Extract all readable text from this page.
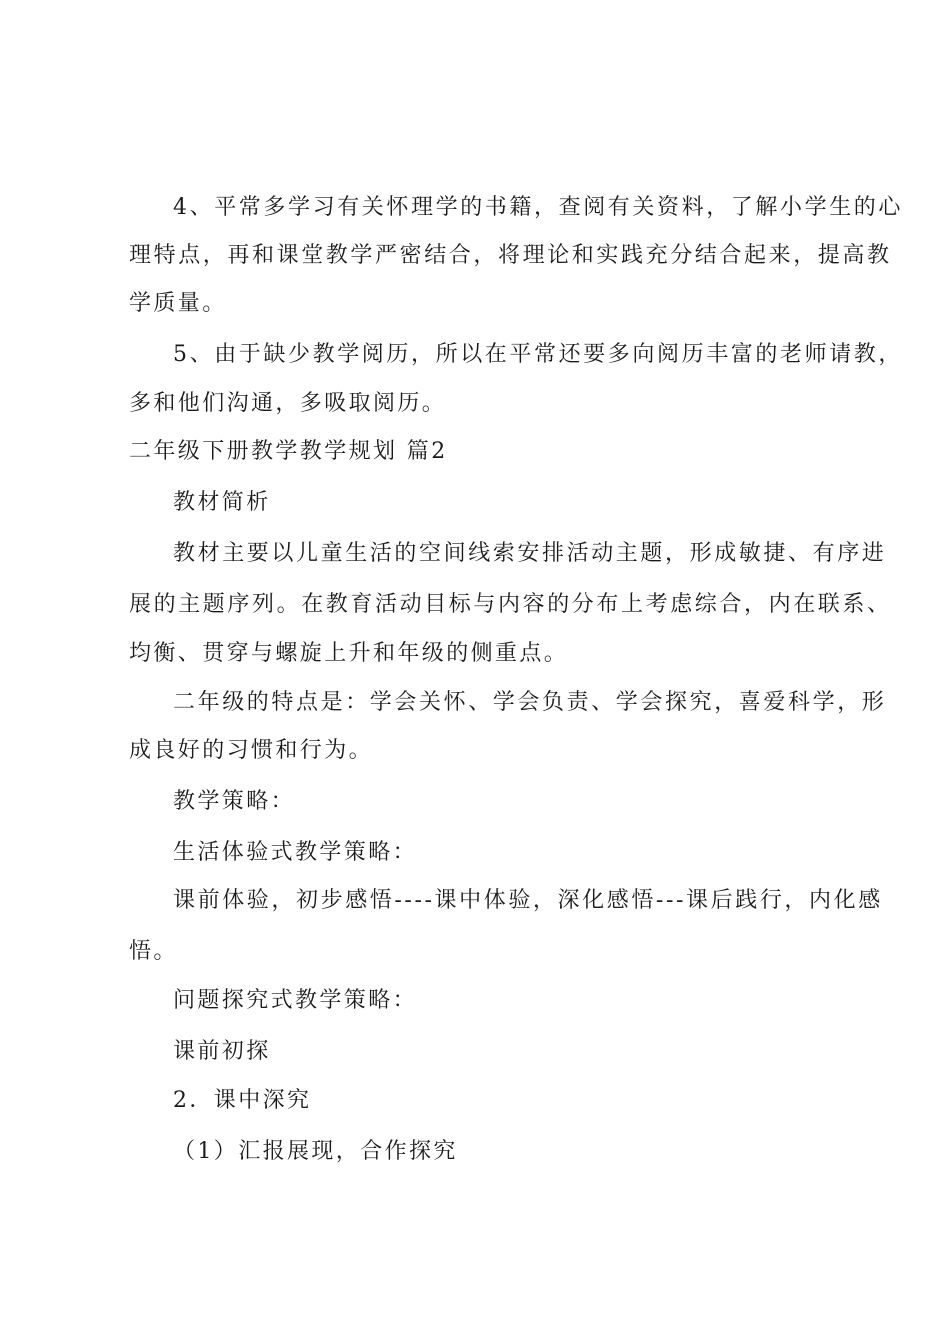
4、平常多学习有关怀理学的书籍，查阅有关资料，了解小学生的心
理特点，再和课堂教学严密结合，将理论和实践充分结合起来，提高教
学质量。
5、由于缺少教学阅历，所以在平常还要多向阅历丰富的老师请教，
多和他们沟通，多吸取阅历。
二年级下册教学教学规划 篇2
教材简析
教材主要以儿童生活的空间线索安排活动主题，形成敏捷、有序进
展的主题序列。在教育活动目标与内容的分布上考虑综合，内在联系、
均衡、贯穿与螺旋上升和年级的侧重点。
二年级的特点是：学会关怀、学会负责、学会探究，喜爱科学，形
成良好的习惯和行为。
教学策略：
生活体验式教学策略：
课前体验，初步感悟----课中体验，深化感悟---课后践行，内化感
悟。
问题探究式教学策略：
课前初探
2．课中深究
（1）汇报展现，合作探究
